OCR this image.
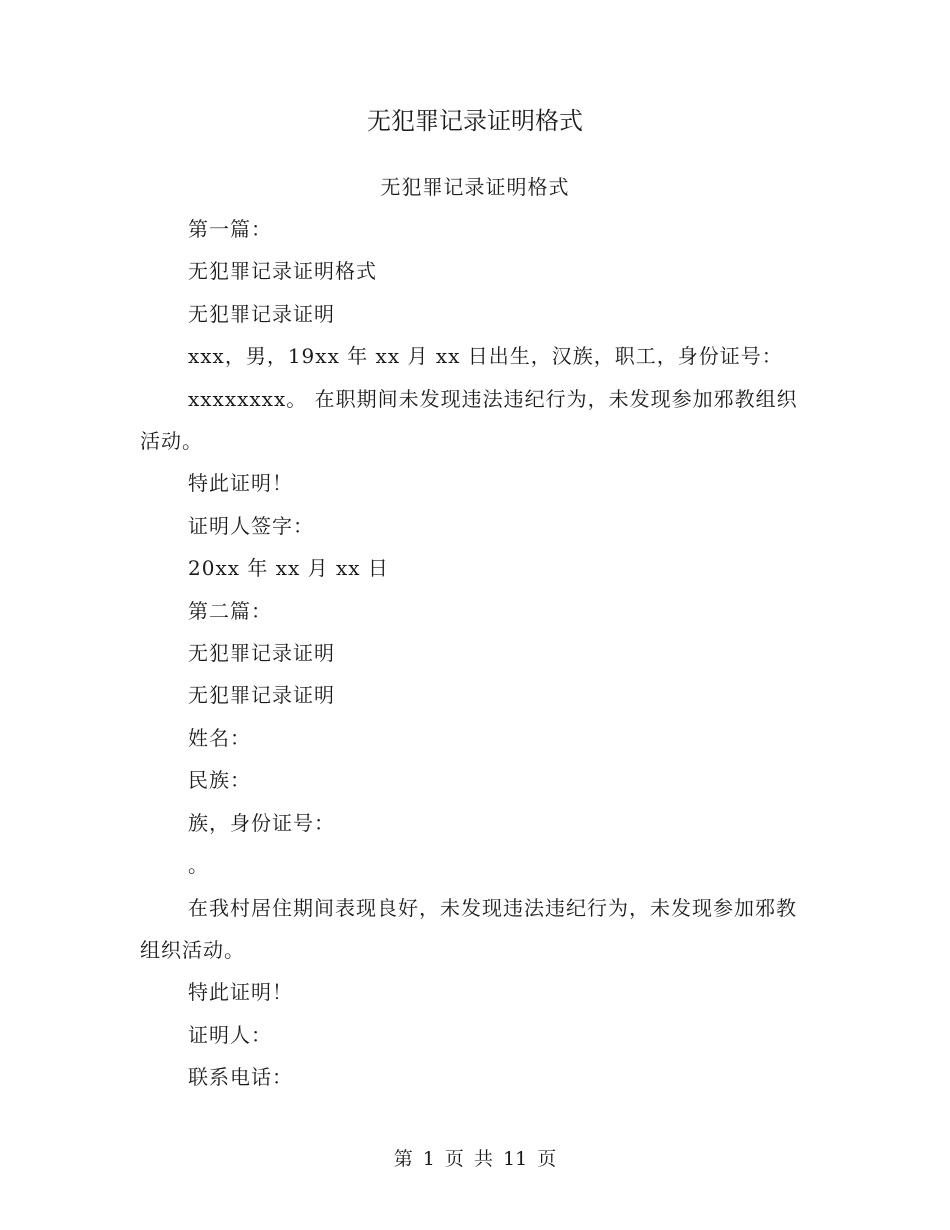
无犯罪记录证明格式
无犯罪记录证明格式

第一篇：

无犯罪记录证明格式

无犯罪记录证明

xxx，男，19xx 年 xx 月 xx 日出生，汉族，职工，身份证号：

xxxxxxxx。 在职期间未发现违法违纪行为，未发现参加邪教组织活动。

特此证明！

证明人签字：

20xx 年 xx 月 xx 日

第二篇：

无犯罪记录证明

无犯罪记录证明

姓名：

民族：

族，身份证号：

。

在我村居住期间表现良好，未发现违法违纪行为，未发现参加邪教组织活动。

特此证明！

证明人：

联系电话：

第 1 页 共 11 页
